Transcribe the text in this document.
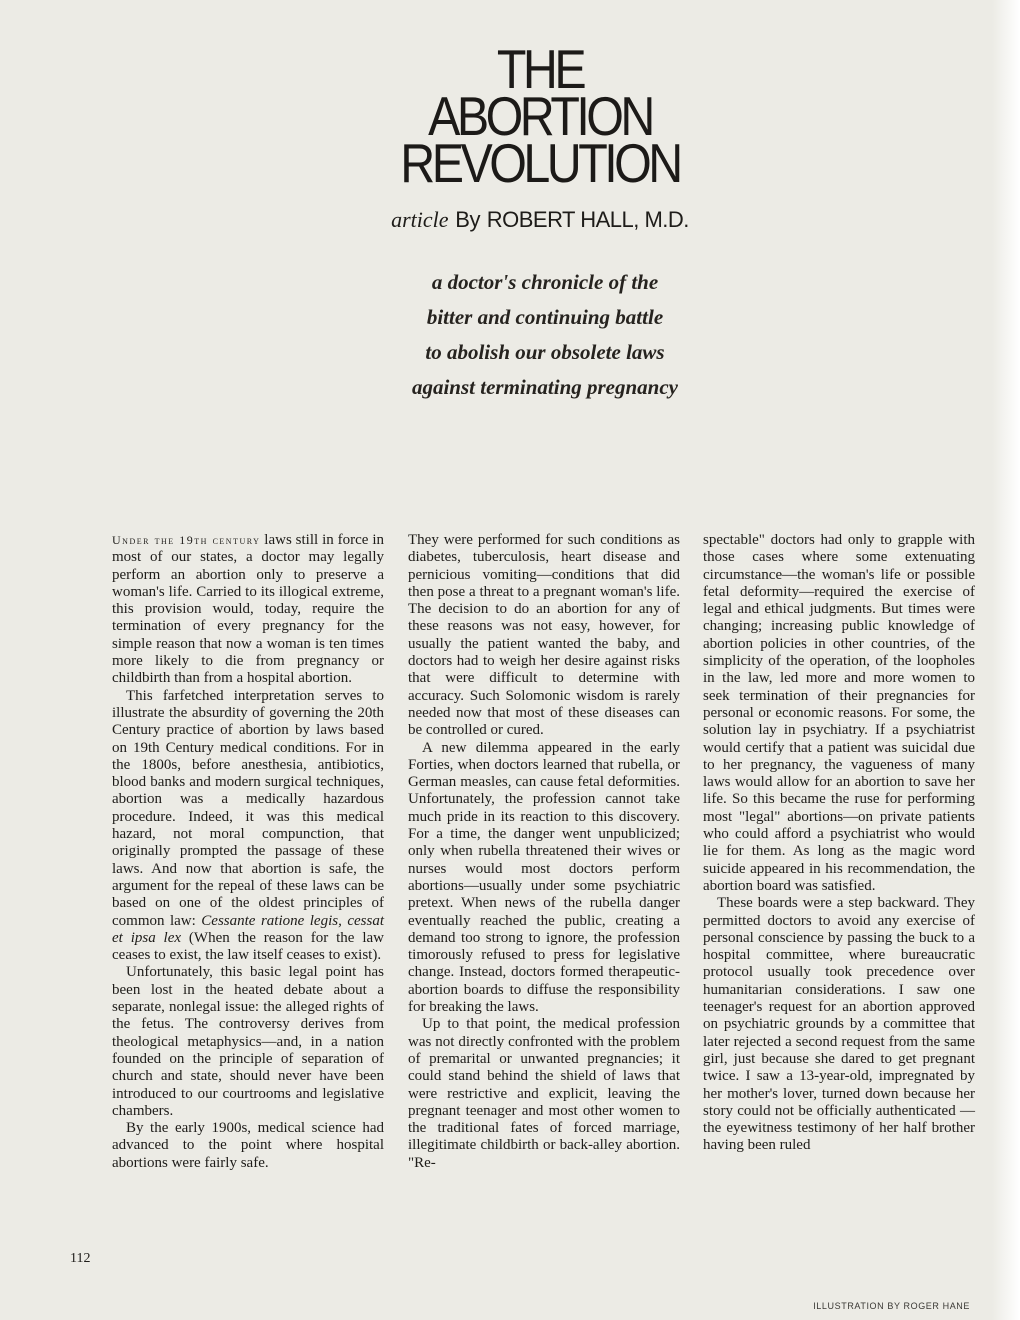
THE
ABORTION
REVOLUTION
article By ROBERT HALL, M.D.
a doctor's chronicle of the
bitter and continuing battle
to abolish our obsolete laws
against terminating pregnancy

Under the 19th century laws still in force in most of our states, a doctor may legally perform an abortion only to preserve a woman's life. Carried to its illogical extreme, this provision would, today, require the termination of every pregnancy for the simple reason that now a woman is ten times more likely to die from pregnancy or childbirth than from a hospital abortion.

This farfetched interpretation serves to illustrate the absurdity of governing the 20th Century practice of abortion by laws based on 19th Century medical conditions. For in the 1800s, before anesthesia, antibiotics, blood banks and modern surgical techniques, abortion was a medically hazardous procedure. Indeed, it was this medical hazard, not moral compunction, that originally prompted the passage of these laws. And now that abortion is safe, the argument for the repeal of these laws can be based on one of the oldest principles of common law: Cessante ratione legis, cessat et ipsa lex (When the reason for the law ceases to exist, the law itself ceases to exist).

Unfortunately, this basic legal point has been lost in the heated debate about a separate, nonlegal issue: the alleged rights of the fetus. The controversy derives from theological metaphysics—and, in a nation founded on the principle of separation of church and state, should never have been introduced to our courtrooms and legislative chambers.

By the early 1900s, medical science had advanced to the point where hospital abortions were fairly safe.

They were performed for such conditions as diabetes, tuberculosis, heart disease and pernicious vomiting—conditions that did then pose a threat to a pregnant woman's life. The decision to do an abortion for any of these reasons was not easy, however, for usually the patient wanted the baby, and doctors had to weigh her desire against risks that were difficult to determine with accuracy. Such Solomonic wisdom is rarely needed now that most of these diseases can be controlled or cured.

A new dilemma appeared in the early Forties, when doctors learned that rubella, or German measles, can cause fetal deformities. Unfortunately, the profession cannot take much pride in its reaction to this discovery. For a time, the danger went unpublicized; only when rubella threatened their wives or nurses would most doctors perform abortions—usually under some psychiatric pretext. When news of the rubella danger eventually reached the public, creating a demand too strong to ignore, the profession timorously refused to press for legislative change. Instead, doctors formed therapeutic-abortion boards to diffuse the responsibility for breaking the laws.

Up to that point, the medical profession was not directly confronted with the problem of premarital or unwanted pregnancies; it could stand behind the shield of laws that were restrictive and explicit, leaving the pregnant teenager and most other women to the traditional fates of forced marriage, illegitimate childbirth or back-alley abortion. "Re-

spectable" doctors had only to grapple with those cases where some extenuating circumstance—the woman's life or possible fetal deformity—required the exercise of legal and ethical judgments. But times were changing; increasing public knowledge of abortion policies in other countries, of the simplicity of the operation, of the loopholes in the law, led more and more women to seek termination of their pregnancies for personal or economic reasons. For some, the solution lay in psychiatry. If a psychiatrist would certify that a patient was suicidal due to her pregnancy, the vagueness of many laws would allow for an abortion to save her life. So this became the ruse for performing most "legal" abortions—on private patients who could afford a psychiatrist who would lie for them. As long as the magic word suicide appeared in his recommendation, the abortion board was satisfied.

These boards were a step backward. They permitted doctors to avoid any exercise of personal conscience by passing the buck to a hospital committee, where bureaucratic protocol usually took precedence over humanitarian considerations. I saw one teenager's request for an abortion approved on psychiatric grounds by a committee that later rejected a second request from the same girl, just because she dared to get pregnant twice. I saw a 13-year-old, impregnated by her mother's lover, turned down because her story could not be officially authenticated —the eyewitness testimony of her half brother having been ruled

112
ILLUSTRATION BY ROGER HANE
